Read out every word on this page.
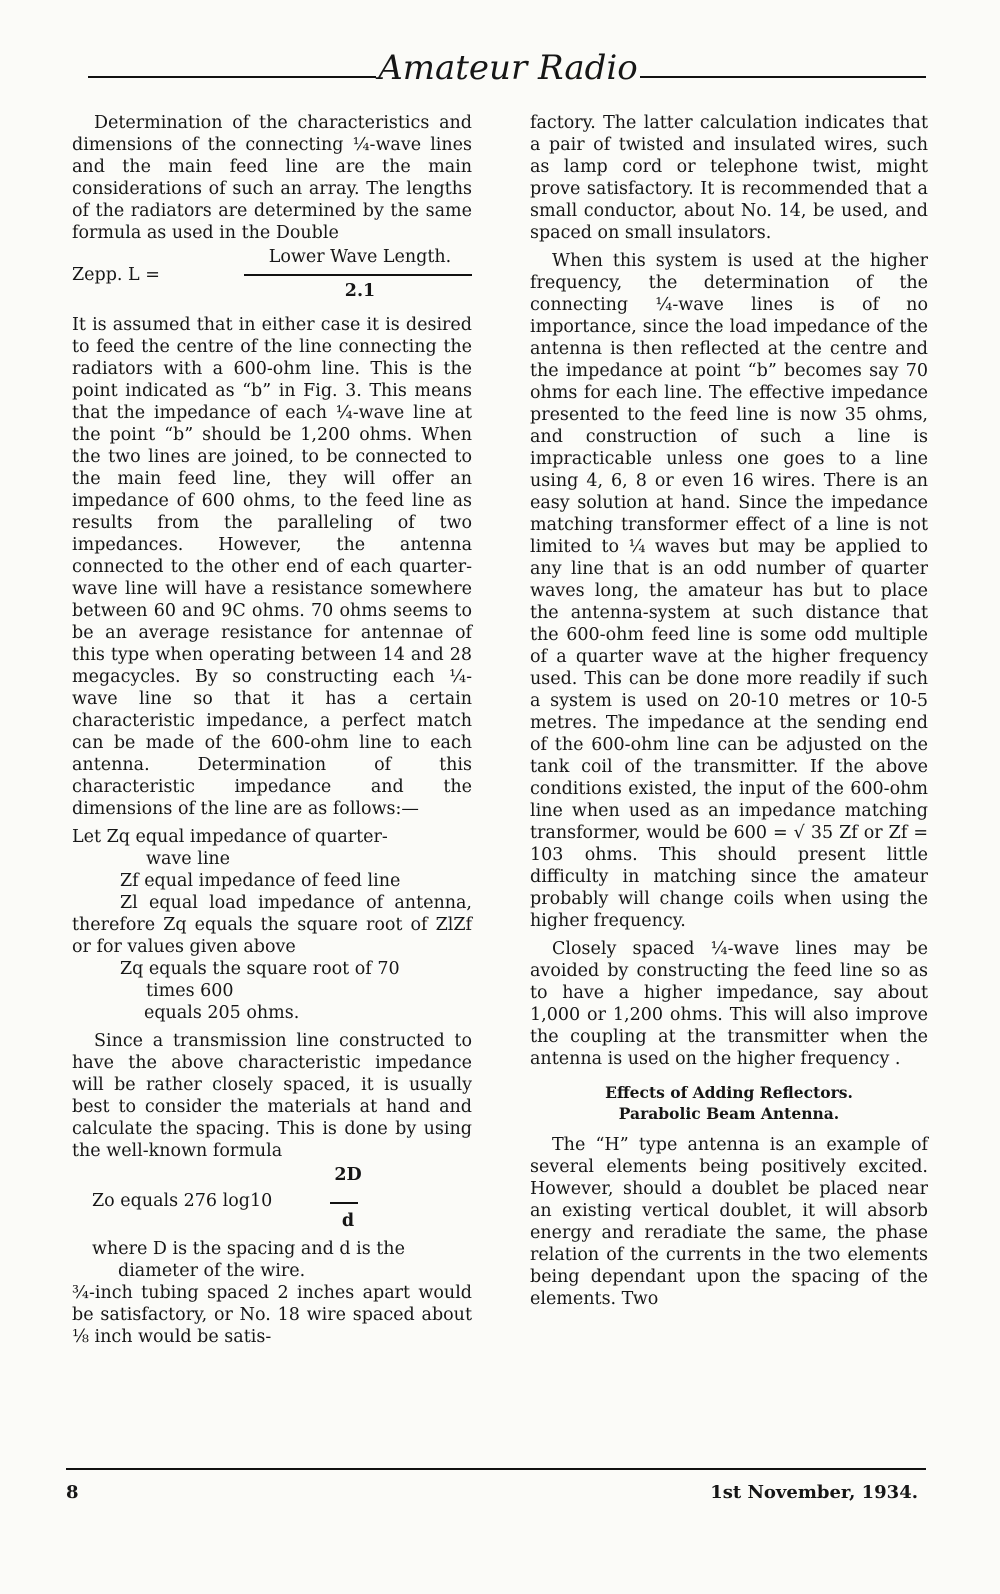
Amateur Radio

Determination of the characteristics and dimensions of the connecting ¼-wave lines and the main feed line are the main considerations of such an array. The lengths of the radiators are determined by the same formula as used in the Double

Zepp. L =
Lower Wave Length.
2.1

It is assumed that in either case it is desired to feed the centre of the line connecting the radiators with a 600-ohm line. This is the point indicated as “b” in Fig. 3. This means that the impedance of each ¼-wave line at the point “b” should be 1,200 ohms. When the two lines are joined, to be connected to the main feed line, they will offer an impedance of 600 ohms, to the feed line as results from the paralleling of two impedances. However, the antenna connected to the other end of each quarter-wave line will have a resistance somewhere between 60 and 9C ohms. 70 ohms seems to be an average resistance for antennae of this type when operating between 14 and 28 megacycles. By so constructing each ¼-wave line so that it has a certain characteristic impedance, a perfect match can be made of the 600-ohm line to each antenna. Determination of this characteristic impedance and the dimensions of the line are as follows:—

Let Zq equal impedance of quarter-

wave line

Zf equal impedance of feed line

Zl equal load impedance of antenna, therefore Zq equals the square root of ZlZf or for values given above

Zq equals the square root of 70

times 600

equals 205 ohms.

Since a transmission line constructed to have the above characteristic impedance will be rather closely spaced, it is usually best to consider the materials at hand and calculate the spacing. This is done by using the well-known formula

2D
Zo equals 276 log10
d

where D is the spacing and d is the

diameter of the wire.

¾-inch tubing spaced 2 inches apart would be satisfactory, or No. 18 wire spaced about ⅛ inch would be satis-

factory. The latter calculation indicates that a pair of twisted and insulated wires, such as lamp cord or telephone twist, might prove satisfactory. It is recommended that a small conductor, about No. 14, be used, and spaced on small insulators.

When this system is used at the higher frequency, the determination of the connecting ¼-wave lines is of no importance, since the load impedance of the antenna is then reflected at the centre and the impedance at point “b” becomes say 70 ohms for each line. The effective impedance presented to the feed line is now 35 ohms, and construction of such a line is impracticable unless one goes to a line using 4, 6, 8 or even 16 wires. There is an easy solution at hand. Since the impedance matching transformer effect of a line is not limited to ¼ waves but may be applied to any line that is an odd number of quarter waves long, the amateur has but to place the antenna-system at such distance that the 600-ohm feed line is some odd multiple of a quarter wave at the higher frequency used. This can be done more readily if such a system is used on 20-10 metres or 10-5 metres. The impedance at the sending end of the 600-ohm line can be adjusted on the tank coil of the transmitter. If the above conditions existed, the input of the 600-ohm line when used as an impedance matching transformer, would be 600 = √ 35 Zf or Zf = 103 ohms. This should present little difficulty in matching since the amateur probably will change coils when using the higher frequency.

Closely spaced ¼-wave lines may be avoided by constructing the feed line so as to have a higher impedance, say about 1,000 or 1,200 ohms. This will also improve the coupling at the transmitter when the antenna is used on the higher frequency .

Effects of Adding Reflectors.
Parabolic Beam Antenna.

The “H” type antenna is an example of several elements being positively excited. However, should a doublet be placed near an existing vertical doublet, it will absorb energy and reradiate the same, the phase relation of the currents in the two elements being dependant upon the spacing of the elements. Two

8	1st November, 1934.
